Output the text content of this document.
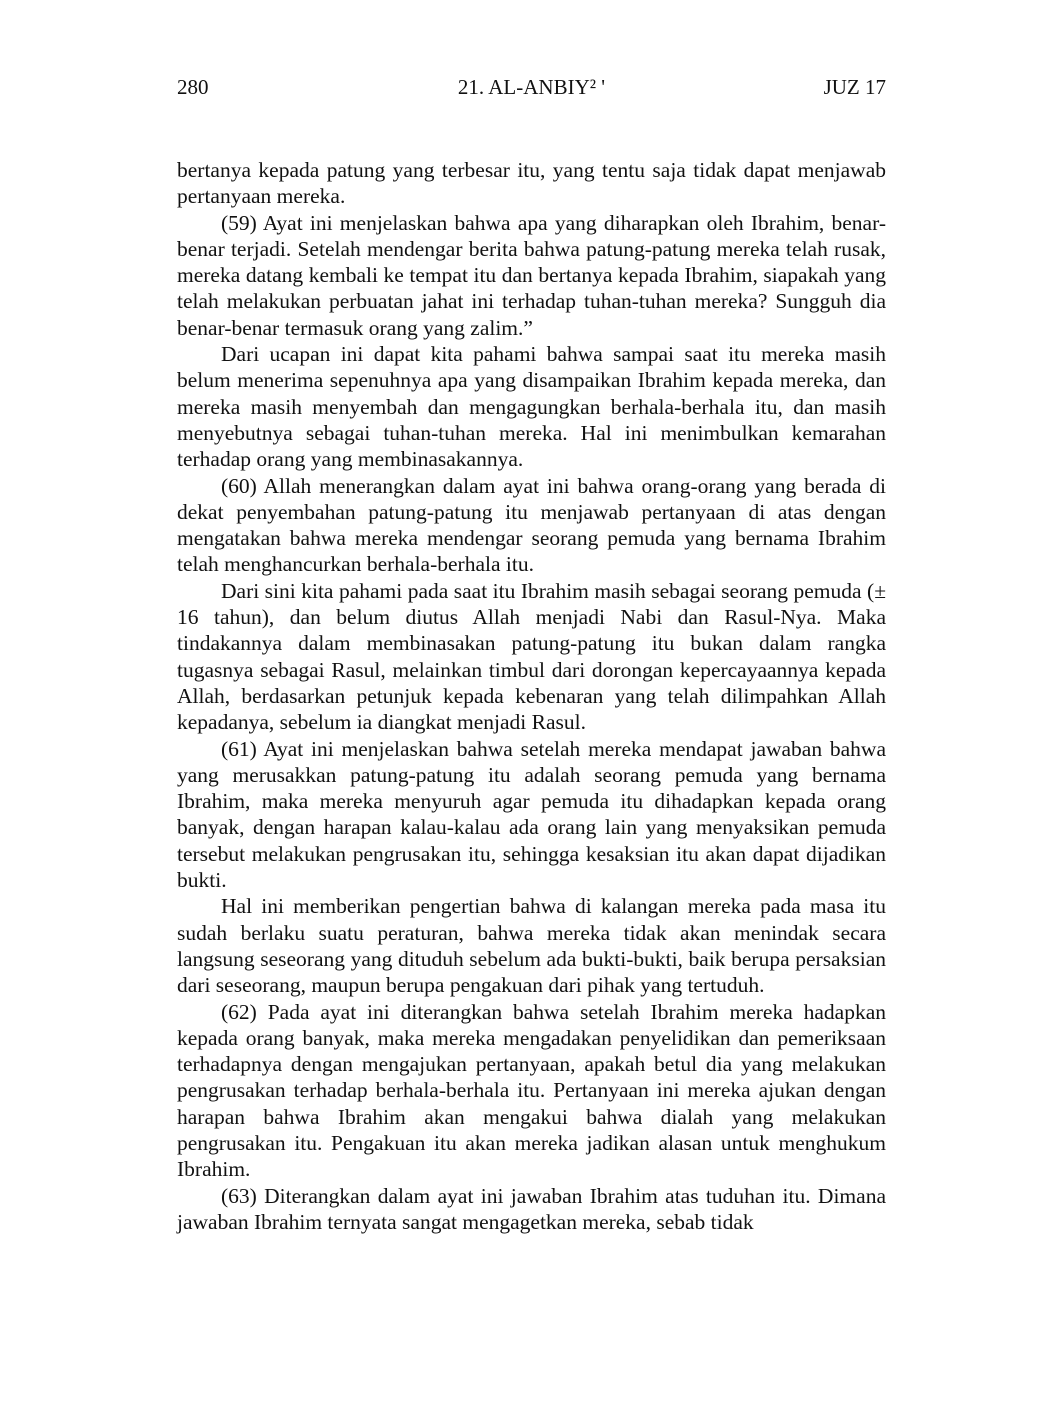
280	21. AL-ANBIY² '	JUZ 17

bertanya kepada patung yang terbesar itu, yang tentu saja tidak dapat menjawab pertanyaan mereka.

(59) Ayat ini menjelaskan bahwa apa yang diharapkan oleh Ibrahim, benar-benar terjadi. Setelah mendengar berita bahwa patung-patung mereka telah rusak, mereka datang kembali ke tempat itu dan bertanya kepada Ibrahim, siapakah yang telah melakukan perbuatan jahat ini terhadap tuhan-tuhan mereka? Sungguh dia benar-benar termasuk orang yang zalim.”

Dari ucapan ini dapat kita pahami bahwa sampai saat itu mereka masih belum menerima sepenuhnya apa yang disampaikan Ibrahim kepada mereka, dan mereka masih menyembah dan mengagungkan berhala-berhala itu, dan masih menyebutnya sebagai tuhan-tuhan mereka. Hal ini menimbulkan kemarahan terhadap orang yang membinasakannya.

(60) Allah menerangkan dalam ayat ini bahwa orang-orang yang berada di dekat penyembahan patung-patung itu menjawab pertanyaan di atas dengan mengatakan bahwa mereka mendengar seorang pemuda yang bernama Ibrahim telah menghancurkan berhala-berhala itu.

Dari sini kita pahami pada saat itu Ibrahim masih sebagai seorang pemuda (± 16 tahun), dan belum diutus Allah menjadi Nabi dan Rasul-Nya. Maka tindakannya dalam membinasakan patung-patung itu bukan dalam rangka tugasnya sebagai Rasul, melainkan timbul dari dorongan kepercayaannya kepada Allah, berdasarkan petunjuk kepada kebenaran yang telah dilimpahkan Allah kepadanya, sebelum ia diangkat menjadi Rasul.

(61) Ayat ini menjelaskan bahwa setelah mereka mendapat jawaban bahwa yang merusakkan patung-patung itu adalah seorang pemuda yang bernama Ibrahim, maka mereka menyuruh agar pemuda itu dihadapkan kepada orang banyak, dengan harapan kalau-kalau ada orang lain yang menyaksikan pemuda tersebut melakukan pengrusakan itu, sehingga kesaksian itu akan dapat dijadikan bukti.

Hal ini memberikan pengertian bahwa di kalangan mereka pada masa itu sudah berlaku suatu peraturan, bahwa mereka tidak akan menindak secara langsung seseorang yang dituduh sebelum ada bukti-bukti, baik berupa persaksian dari seseorang, maupun berupa pengakuan dari pihak yang tertuduh.

(62) Pada ayat ini diterangkan bahwa setelah Ibrahim mereka hadapkan kepada orang banyak, maka mereka mengadakan penyelidikan dan pemeriksaan terhadapnya dengan mengajukan pertanyaan, apakah betul dia yang melakukan pengrusakan terhadap berhala-berhala itu. Pertanyaan ini mereka ajukan dengan harapan bahwa Ibrahim akan mengakui bahwa dialah yang melakukan pengrusakan itu. Pengakuan itu akan mereka jadikan alasan untuk menghukum Ibrahim.

(63) Diterangkan dalam ayat ini jawaban Ibrahim atas tuduhan itu. Dimana jawaban Ibrahim ternyata sangat mengagetkan mereka, sebab tidak
